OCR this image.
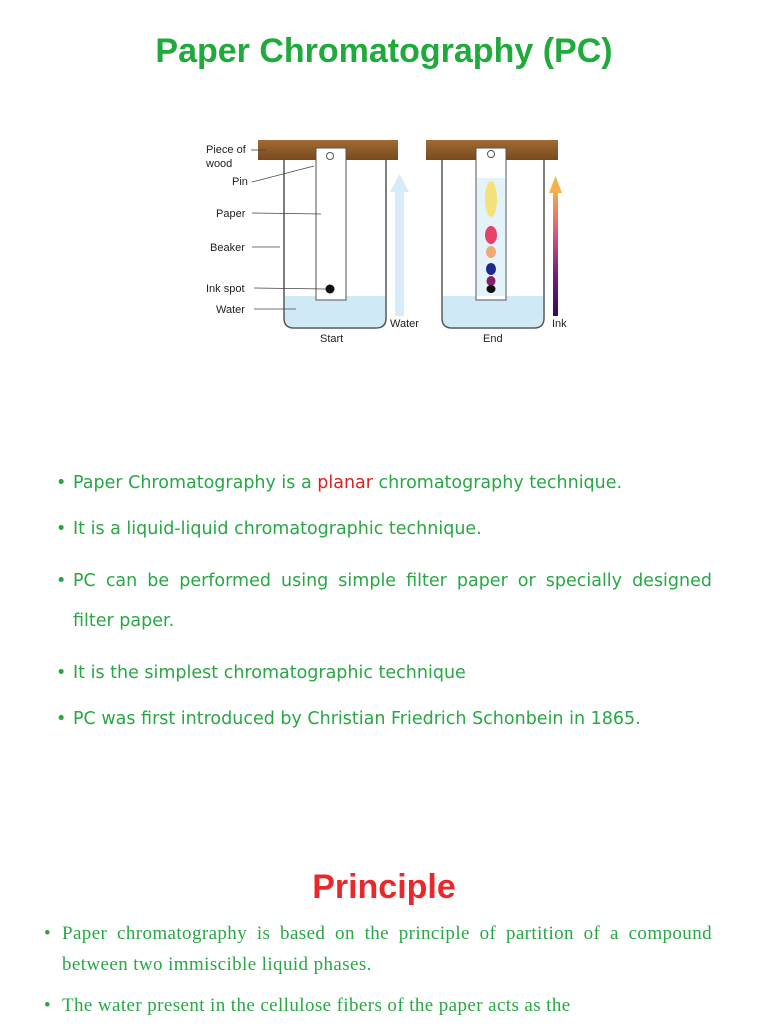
Paper Chromatography (PC)
Piece of
wood
Pin
Paper
Beaker
Ink spot
Water
Start
Water
End
Ink
• Paper Chromatography is a planar chromatography technique.
• It is a liquid-liquid chromatographic technique.
• PC can be performed using simple filter paper or specially designed filter paper.
• It is the simplest chromatographic technique
• PC was first introduced by Christian Friedrich Schonbein in 1865.
Principle
• Paper chromatography is based on the principle of partition of a compound between two immiscible liquid phases.
• The water present in the cellulose fibers of the paper acts as the
